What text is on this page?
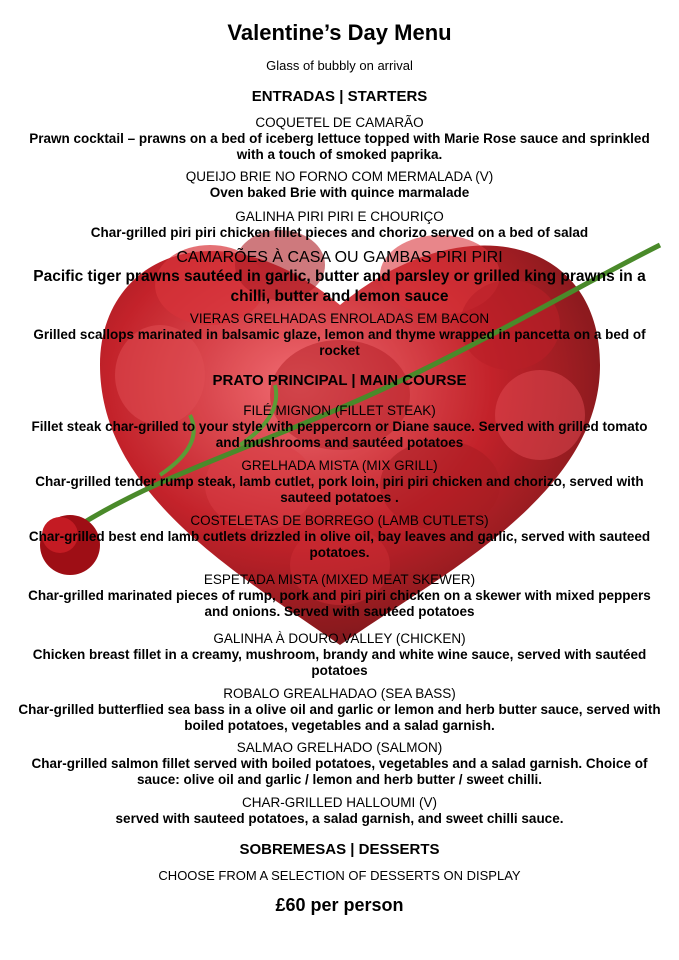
Valentine’s Day Menu
Glass of bubbly on arrival
ENTRADAS | STARTERS
COQUETEL DE CAMARÃO
Prawn cocktail – prawns on a bed of iceberg lettuce topped with Marie Rose sauce and sprinkled with a touch of smoked paprika.
QUEIJO BRIE NO FORNO COM MERMALADA (V)
Oven baked Brie with quince marmalade
GALINHA PIRI PIRI E CHOURIÇO
Char-grilled piri piri chicken fillet pieces and chorizo served on a bed of salad
CAMARÕES À CASA OU GAMBAS PIRI PIRI
Pacific tiger prawns sautéed in garlic, butter and parsley or grilled king prawns in a chilli, butter and lemon sauce
VIERAS GRELHADAS ENROLADAS EM BACON
Grilled scallops marinated in balsamic glaze, lemon and thyme wrapped in pancetta on a bed of rocket
PRATO PRINCIPAL | MAIN COURSE
FILÉ MIGNON (FILLET STEAK)
Fillet steak char-grilled to your style with peppercorn or Diane sauce. Served with grilled tomato and mushrooms and sautéed potatoes
GRELHADA MISTA (MIX GRILL)
Char-grilled tender rump steak, lamb cutlet, pork loin, piri piri chicken and chorizo, served with sauteed potatoes .
COSTELETAS DE BORREGO (LAMB CUTLETS)
Char-grilled best end lamb cutlets drizzled in olive oil, bay leaves and garlic, served with sauteed potatoes.
ESPETADA MISTA (MIXED MEAT SKEWER)
Char-grilled marinated pieces of rump, pork and piri piri chicken on a skewer with mixed peppers and onions. Served with sautéed potatoes
GALINHA À DOURO VALLEY (CHICKEN)
Chicken breast fillet in a creamy, mushroom, brandy and white wine sauce, served with sautéed potatoes
ROBALO GREALHADAO (SEA BASS)
Char-grilled butterflied sea bass in a olive oil and garlic or lemon and herb butter sauce, served with boiled potatoes, vegetables and a salad garnish.
SALMAO GRELHADO (SALMON)
Char-grilled salmon fillet served with boiled potatoes, vegetables and a salad garnish. Choice of sauce: olive oil and garlic / lemon and herb butter / sweet chilli.
CHAR-GRILLED HALLOUMI (V)
served with sauteed potatoes, a salad garnish, and sweet chilli sauce.
SOBREMESAS | DESSERTS
CHOOSE FROM A SELECTION OF DESSERTS ON DISPLAY
£60 per person
